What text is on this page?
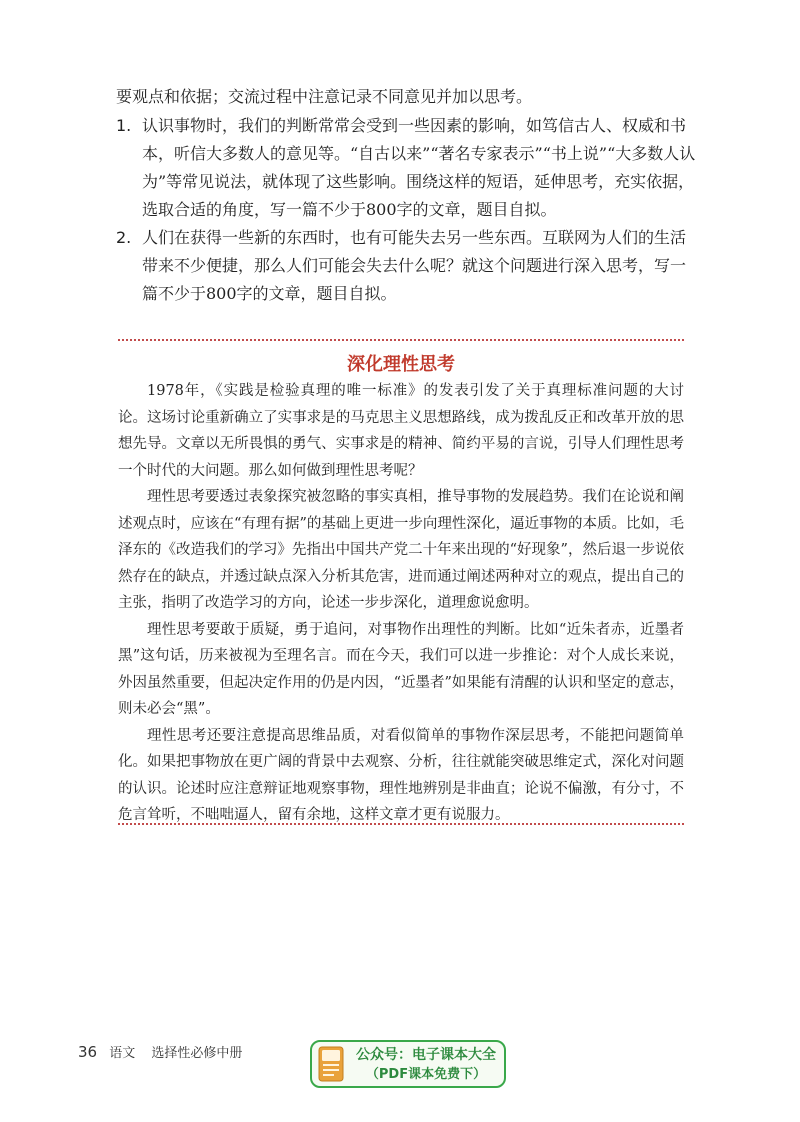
要观点和依据；交流过程中注意记录不同意见并加以思考。

1. 认识事物时，我们的判断常常会受到一些因素的影响，如笃信古人、权威和书本，听信大多数人的意见等。“自古以来”“著名专家表示”“书上说”“大多数人认为”等常见说法，就体现了这些影响。围绕这样的短语，延伸思考，充实依据，选取合适的角度，写一篇不少于800字的文章，题目自拟。
2. 人们在获得一些新的东西时，也有可能失去另一些东西。互联网为人们的生活带来不少便捷，那么人们可能会失去什么呢？就这个问题进行深入思考，写一篇不少于800字的文章，题目自拟。
深化理性思考

1978年，《实践是检验真理的唯一标准》的发表引发了关于真理标准问题的大讨论。这场讨论重新确立了实事求是的马克思主义思想路线，成为拨乱反正和改革开放的思想先导。文章以无所畏惧的勇气、实事求是的精神、简约平易的言说，引导人们理性思考一个时代的大问题。那么如何做到理性思考呢？

理性思考要透过表象探究被忽略的事实真相，推导事物的发展趋势。我们在论说和阐述观点时，应该在“有理有据”的基础上更进一步向理性深化，逼近事物的本质。比如，毛泽东的《改造我们的学习》先指出中国共产党二十年来出现的“好现象”，然后退一步说依然存在的缺点，并透过缺点深入分析其危害，进而通过阐述两种对立的观点，提出自己的主张，指明了改造学习的方向，论述一步步深化，道理愈说愈明。

理性思考要敢于质疑，勇于追问，对事物作出理性的判断。比如“近朱者赤，近墨者黑”这句话，历来被视为至理名言。而在今天，我们可以进一步推论：对个人成长来说，外因虽然重要，但起决定作用的仍是内因，“近墨者”如果能有清醒的认识和坚定的意志，则未必会“黑”。

理性思考还要注意提高思维品质，对看似简单的事物作深层思考，不能把问题简单化。如果把事物放在更广阔的背景中去观察、分析，往往就能突破思维定式，深化对问题的认识。论述时应注意辩证地观察事物，理性地辨别是非曲直；论说不偏激，有分寸，不危言耸听，不咄咄逼人，留有余地，这样文章才更有说服力。

36 语文 选择性必修中册	公众号：电子课本大全
（PDF课本免费下）
